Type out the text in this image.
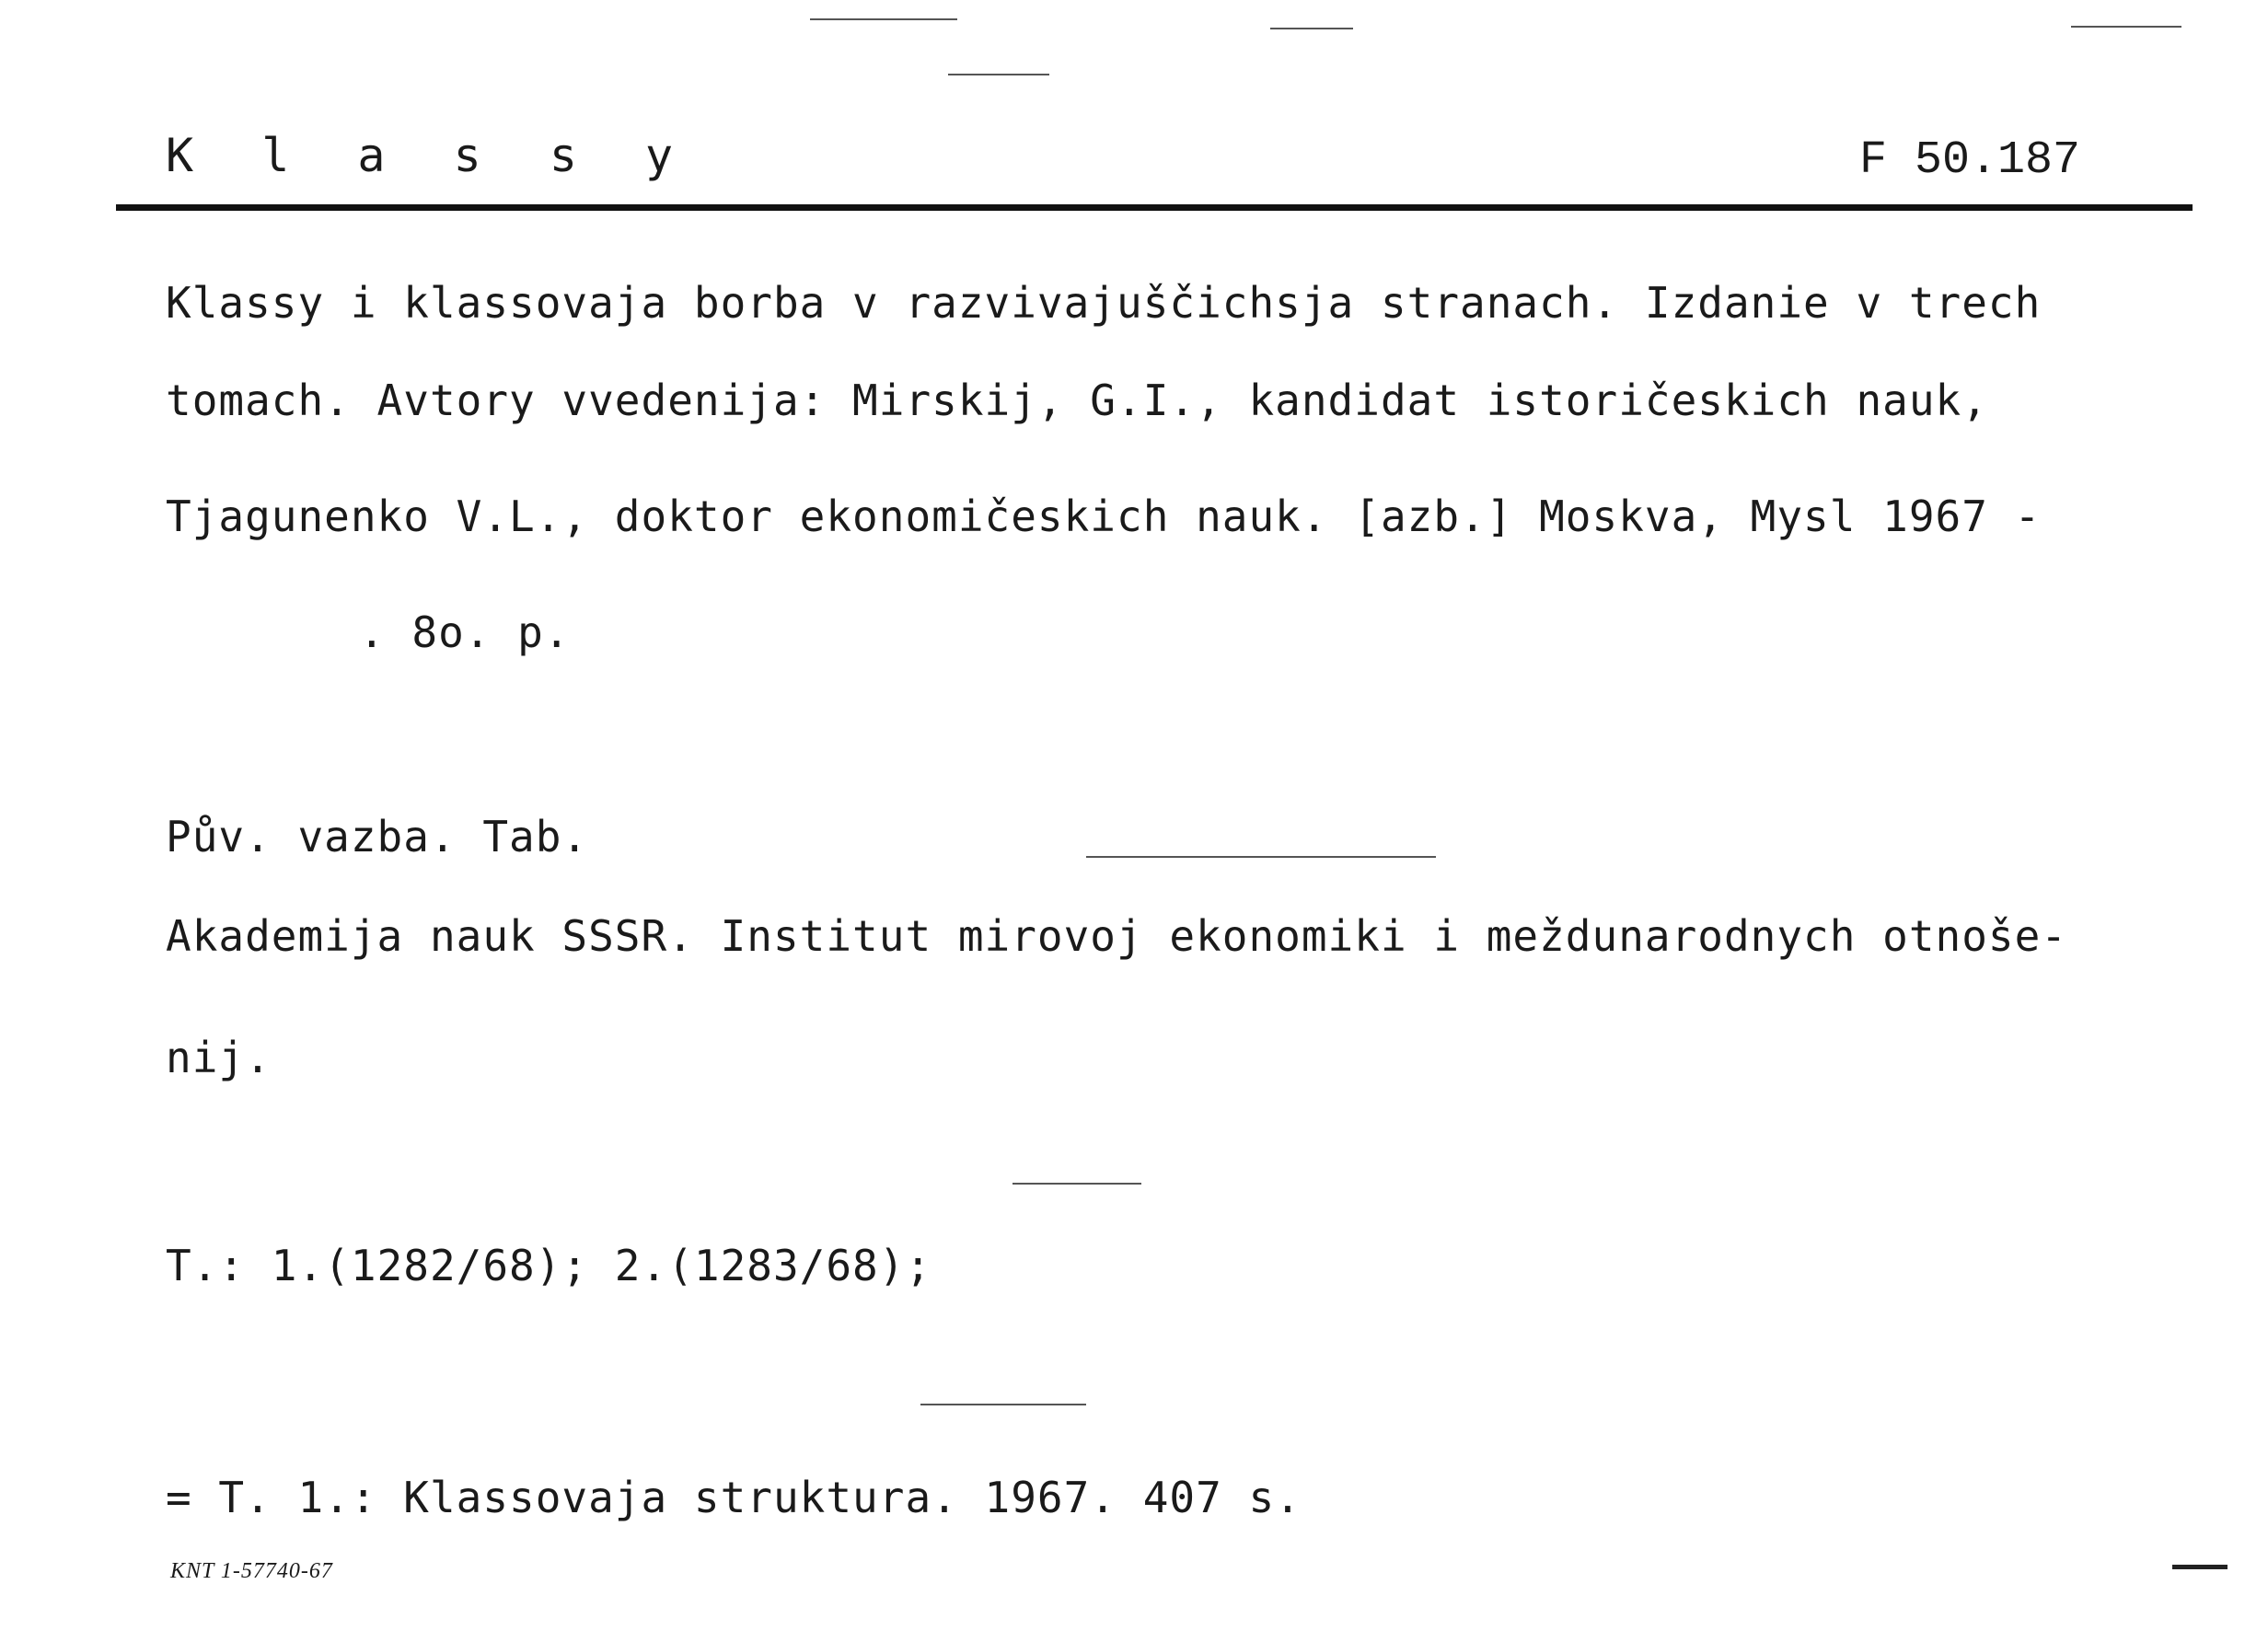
K l a s s y	F 50.187
Klassy i klassovaja borba v razvivajuščichsja stranach. Izdanie v trech
tomach. Avtory vvedenija: Mirskij, G.I., kandidat istoričeskich nauk,
Tjagunenko V.L., doktor ekonomičeskich nauk. [azb.] Moskva, Mysl 1967 -
. 8o. p.
Pův. vazba. Tab.
Akademija nauk SSSR. Institut mirovoj ekonomiki i meždunarodnych otnoše-
nij.
T.: 1.(1282/68); 2.(1283/68);
= T. 1.: Klassovaja struktura. 1967. 407 s.
KNT 1-57740-67
